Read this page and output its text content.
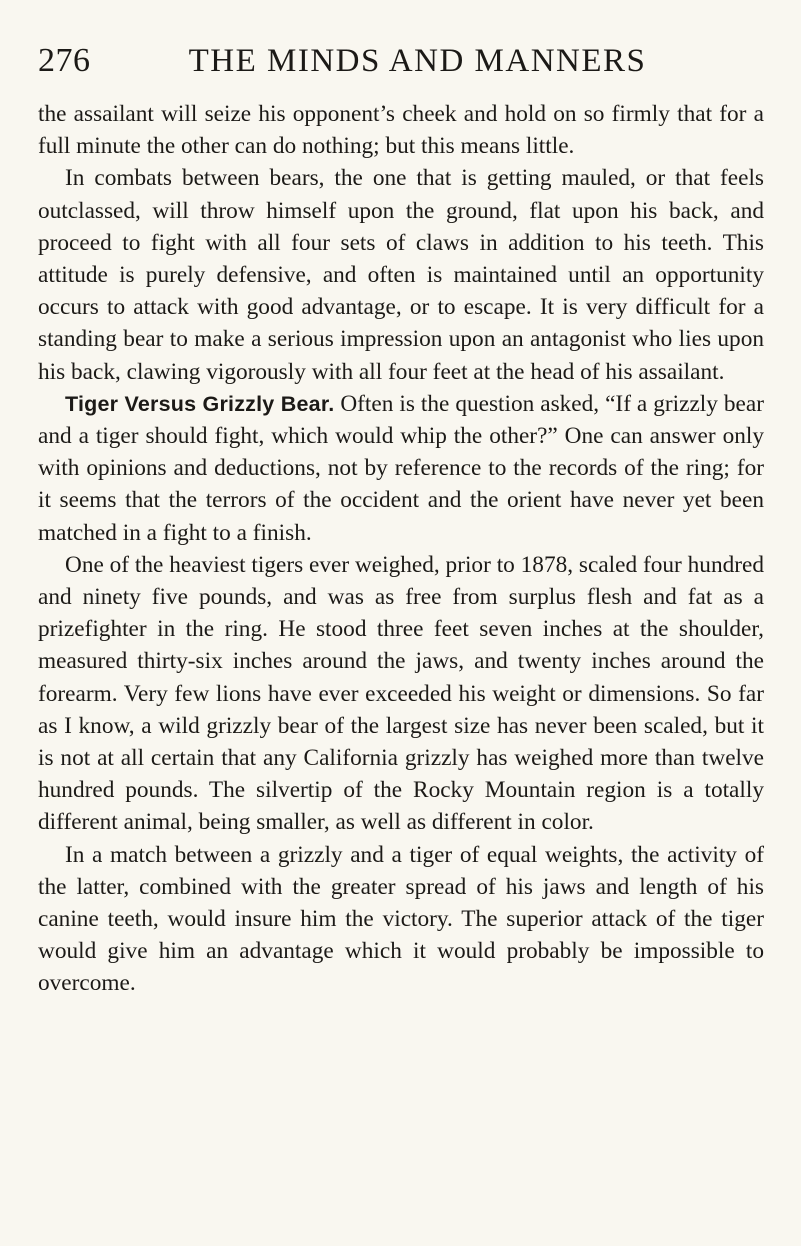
276	THE MINDS AND MANNERS

the assailant will seize his opponent’s cheek and hold on so firmly that for a full minute the other can do nothing; but this means little.

In combats between bears, the one that is getting mauled, or that feels outclassed, will throw himself upon the ground, flat upon his back, and proceed to fight with all four sets of claws in addition to his teeth. This attitude is purely defensive, and often is maintained until an opportunity occurs to attack with good advantage, or to escape. It is very difficult for a standing bear to make a serious impression upon an antagonist who lies upon his back, clawing vigorously with all four feet at the head of his assailant.

Tiger Versus Grizzly Bear. Often is the question asked, “If a grizzly bear and a tiger should fight, which would whip the other?” One can answer only with opinions and deductions, not by reference to the records of the ring; for it seems that the terrors of the occident and the orient have never yet been matched in a fight to a finish.

One of the heaviest tigers ever weighed, prior to 1878, scaled four hundred and ninety five pounds, and was as free from surplus flesh and fat as a prizefighter in the ring. He stood three feet seven inches at the shoulder, measured thirty-six inches around the jaws, and twenty inches around the forearm. Very few lions have ever exceeded his weight or dimensions. So far as I know, a wild grizzly bear of the largest size has never been scaled, but it is not at all certain that any California grizzly has weighed more than twelve hundred pounds. The silvertip of the Rocky Mountain region is a totally different animal, being smaller, as well as different in color.

In a match between a grizzly and a tiger of equal weights, the activity of the latter, combined with the greater spread of his jaws and length of his canine teeth, would insure him the victory. The superior attack of the tiger would give him an advantage which it would probably be impossible to overcome.
